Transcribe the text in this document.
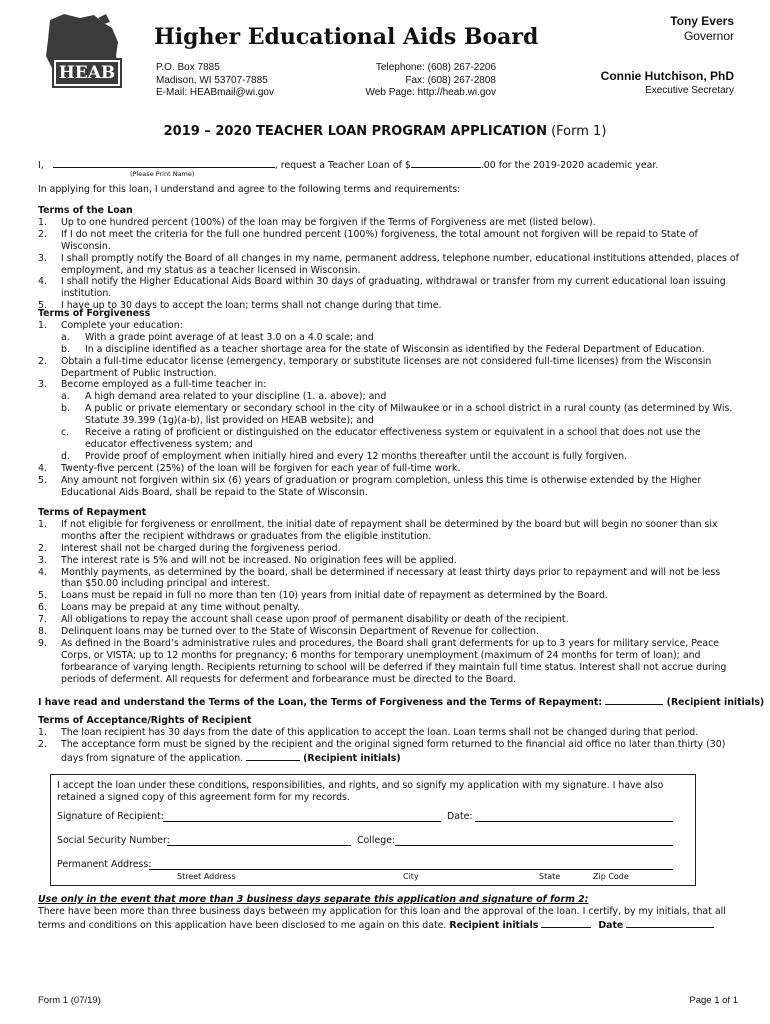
HEAB
Higher Educational Aids Board
P.O. Box 7885
Madison, WI 53707-7885
E-Mail: HEABmail@wi.gov
Telephone: (608) 267-2206
Fax: (608) 267-2808
Web Page: http://heab.wi.gov
Tony Evers
Governor
Connie Hutchison, PhD
Executive Secretary
2019 – 2020 TEACHER LOAN PROGRAM APPLICATION (Form 1)
I,	, request a Teacher Loan of $	.00 for the 2019-2020 academic year.
(Please Print Name)
In applying for this loan, I understand and agree to the following terms and requirements:
Terms of the Loan
1. Up to one hundred percent (100%) of the loan may be forgiven if the Terms of Forgiveness are met (listed below).
2. If I do not meet the criteria for the full one hundred percent (100%) forgiveness, the total amount not forgiven will be repaid to State of Wisconsin.
3. I shall promptly notify the Board of all changes in my name, permanent address, telephone number, educational institutions attended, places of employment, and my status as a teacher licensed in Wisconsin.
4. I shall notify the Higher Educational Aids Board within 30 days of graduating, withdrawal or transfer from my current educational loan issuing institution.
5. I have up to 30 days to accept the loan; terms shall not change during that time.
Terms of Forgiveness
1. Complete your education:
a. With a grade point average of at least 3.0 on a 4.0 scale; and
b. In a discipline identified as a teacher shortage area for the state of Wisconsin as identified by the Federal Department of Education.
2. Obtain a full-time educator license (emergency, temporary or substitute licenses are not considered full-time licenses) from the Wisconsin Department of Public Instruction.
3. Become employed as a full-time teacher in:
a. A high demand area related to your discipline (1. a. above); and
b. A public or private elementary or secondary school in the city of Milwaukee or in a school district in a rural county (as determined by Wis. Statute 39.399 (1g)(a-b), list provided on HEAB website); and
c. Receive a rating of proficient or distinguished on the educator effectiveness system or equivalent in a school that does not use the educator effectiveness system; and
d. Provide proof of employment when initially hired and every 12 months thereafter until the account is fully forgiven.
4. Twenty-five percent (25%) of the loan will be forgiven for each year of full-time work.
5. Any amount not forgiven within six (6) years of graduation or program completion, unless this time is otherwise extended by the Higher Educational Aids Board, shall be repaid to the State of Wisconsin.
Terms of Repayment
1. If not eligible for forgiveness or enrollment, the initial date of repayment shall be determined by the board but will begin no sooner than six months after the recipient withdraws or graduates from the eligible institution.
2. Interest shall not be charged during the forgiveness period.
3. The interest rate is 5% and will not be increased. No origination fees will be applied.
4. Monthly payments, as determined by the board, shall be determined if necessary at least thirty days prior to repayment and will not be less than $50.00 including principal and interest.
5. Loans must be repaid in full no more than ten (10) years from initial date of repayment as determined by the Board.
6. Loans may be prepaid at any time without penalty.
7. All obligations to repay the account shall cease upon proof of permanent disability or death of the recipient.
8. Delinquent loans may be turned over to the State of Wisconsin Department of Revenue for collection.
9. As defined in the Board’s administrative rules and procedures, the Board shall grant deferments for up to 3 years for military service, Peace Corps, or VISTA; up to 12 months for pregnancy; 6 months for temporary unemployment (maximum of 24 months for term of loan); and forbearance of varying length. Recipients returning to school will be deferred if they maintain full time status. Interest shall not accrue during periods of deferment. All requests for deferment and forbearance must be directed to the Board.
I have read and understand the Terms of the Loan, the Terms of Forgiveness and the Terms of Repayment:	(Recipient initials)
Terms of Acceptance/Rights of Recipient
1. The loan recipient has 30 days from the date of this application to accept the loan. Loan terms shall not be changed during that period.
2. The acceptance form must be signed by the recipient and the original signed form returned to the financial aid office no later than thirty (30) days from signature of the application.	(Recipient initials)
I accept the loan under these conditions, responsibilities, and rights, and so signify my application with my signature. I have also retained a signed copy of this agreement form for my records.
Signature of Recipient:	Date:
Social Security Number:	College:
Permanent Address:
Street Address	City	State	Zip Code
Use only in the event that more than 3 business days separate this application and signature of form 2:
There have been more than three business days between my application for this loan and the approval of the loan. I certify, by my initials, that all terms and conditions on this application have been disclosed to me again on this date. Recipient initials	Date
Form 1 (07/19)	Page 1 of 1
